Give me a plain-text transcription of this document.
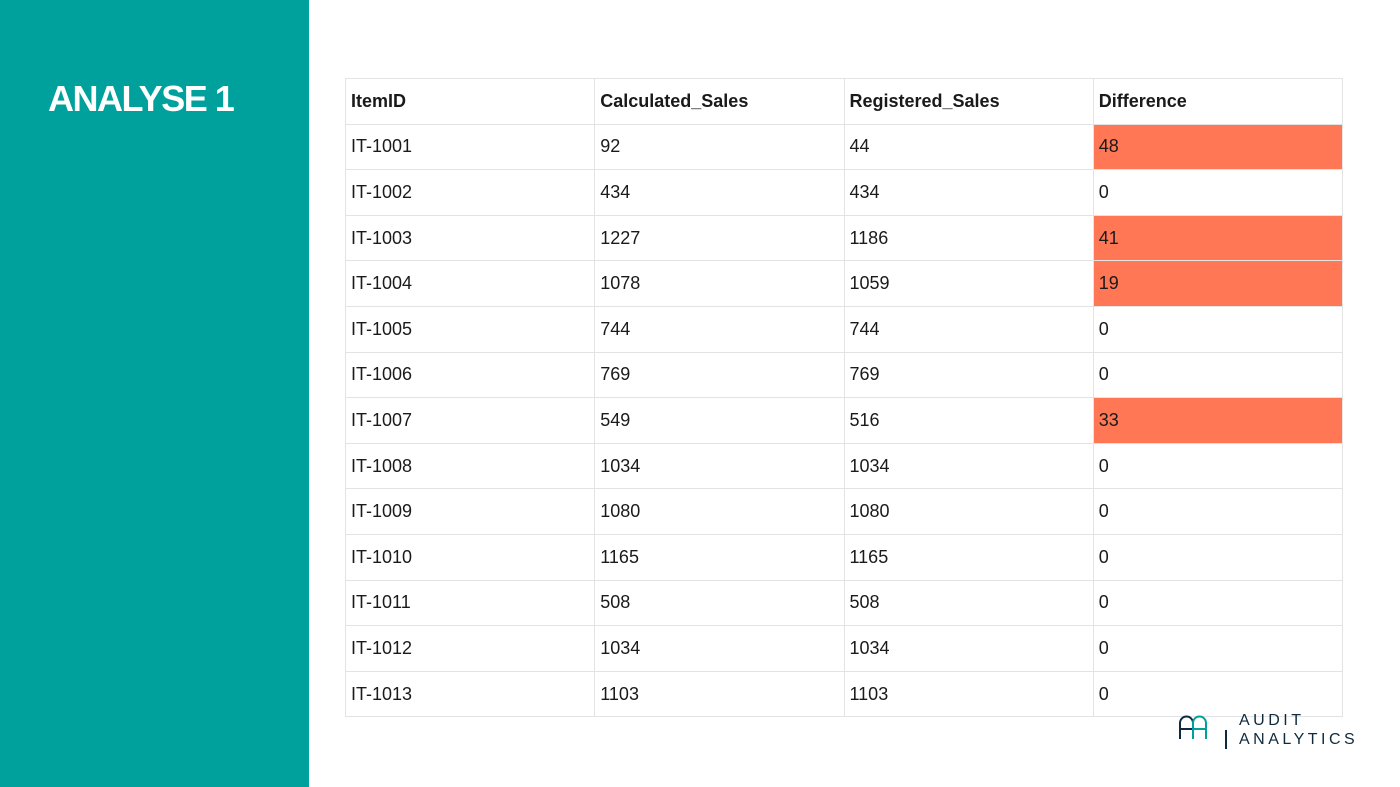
ANALYSE 1	ItemID	Calculated_Sales	Registered_Sales	Difference
IT-1001	92	44	48
IT-1002	434	434	0
IT-1003	1227	1186	41
IT-1004	1078	1059	19
IT-1005	744	744	0
IT-1006	769	769	0
IT-1007	549	516	33
IT-1008	1034	1034	0
IT-1009	1080	1080	0
IT-1010	1165	1165	0
IT-1011	508	508	0
IT-1012	1034	1034	0
IT-1013	1103	1103	0
AUDIT
ANALYTICS
